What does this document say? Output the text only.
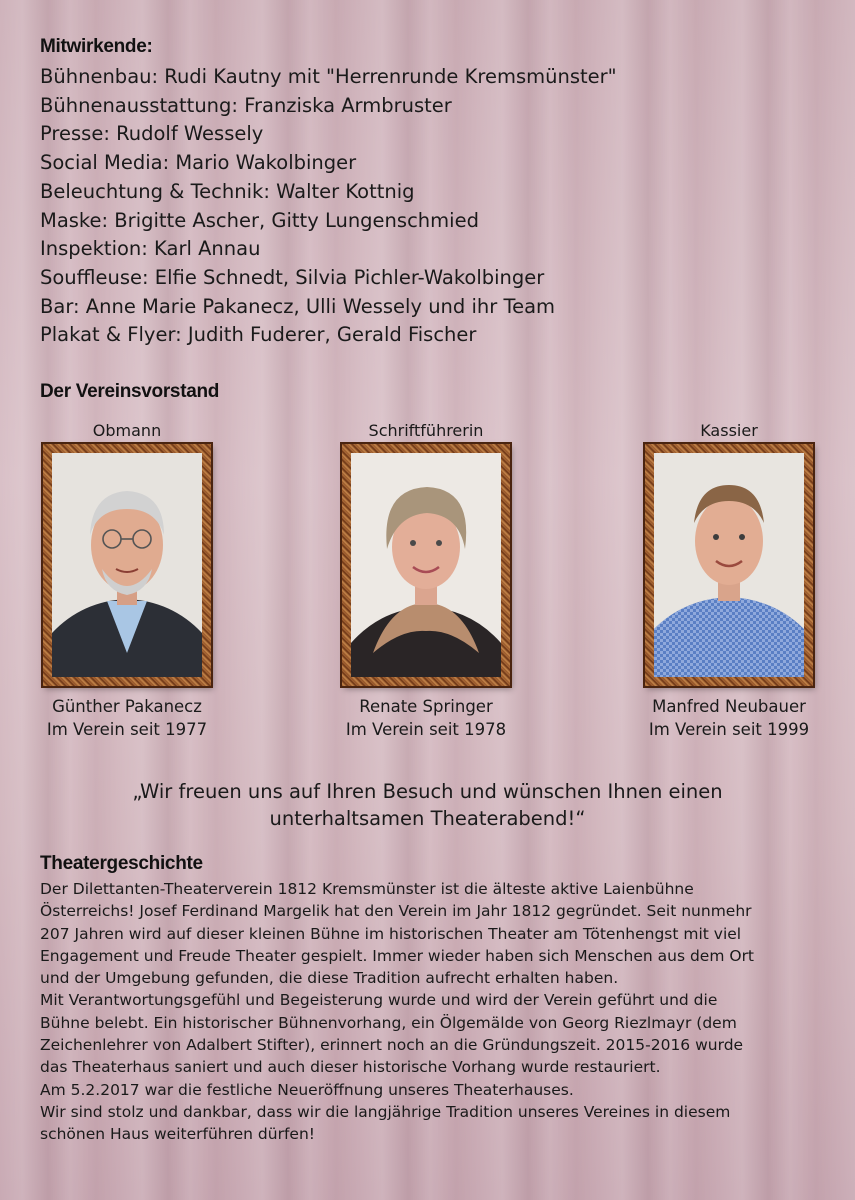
Mitwirkende:
Bühnenbau: Rudi Kautny mit "Herrenrunde Kremsmünster"
Bühnenausstattung: Franziska Armbruster
Presse: Rudolf Wessely
Social Media: Mario Wakolbinger
Beleuchtung & Technik: Walter Kottnig
Maske: Brigitte Ascher, Gitty Lungenschmied
Inspektion: Karl Annau
Souffleuse: Elfie Schnedt, Silvia Pichler-Wakolbinger
Bar: Anne Marie Pakanecz, Ulli Wessely und ihr Team
Plakat & Flyer: Judith Fuderer, Gerald Fischer
Der Vereinsvorstand
Obmann
Günther Pakanecz
Im Verein seit 1977
Schriftführerin
Renate Springer
Im Verein seit 1978
Kassier
Manfred Neubauer
Im Verein seit 1999

„Wir freuen uns auf Ihren Besuch und wünschen Ihnen einen
unterhaltsamen Theaterabend!“

Theatergeschichte

Der Dilettanten-Theaterverein 1812 Kremsmünster ist die älteste aktive Laienbühne

Österreichs! Josef Ferdinand Margelik hat den Verein im Jahr 1812 gegründet. Seit nunmehr

207 Jahren wird auf dieser kleinen Bühne im historischen Theater am Tötenhengst mit viel

Engagement und Freude Theater gespielt. Immer wieder haben sich Menschen aus dem Ort

und der Umgebung gefunden, die diese Tradition aufrecht erhalten haben.

Mit Verantwortungsgefühl und Begeisterung wurde und wird der Verein geführt und die

Bühne belebt. Ein historischer Bühnenvorhang, ein Ölgemälde von Georg Riezlmayr (dem

Zeichenlehrer von Adalbert Stifter), erinnert noch an die Gründungszeit. 2015-2016 wurde

das Theaterhaus saniert und auch dieser historische Vorhang wurde restauriert.

Am 5.2.2017 war die festliche Neueröffnung unseres Theaterhauses.

Wir sind stolz und dankbar, dass wir die langjährige Tradition unseres Vereines in diesem

schönen Haus weiterführen dürfen!
